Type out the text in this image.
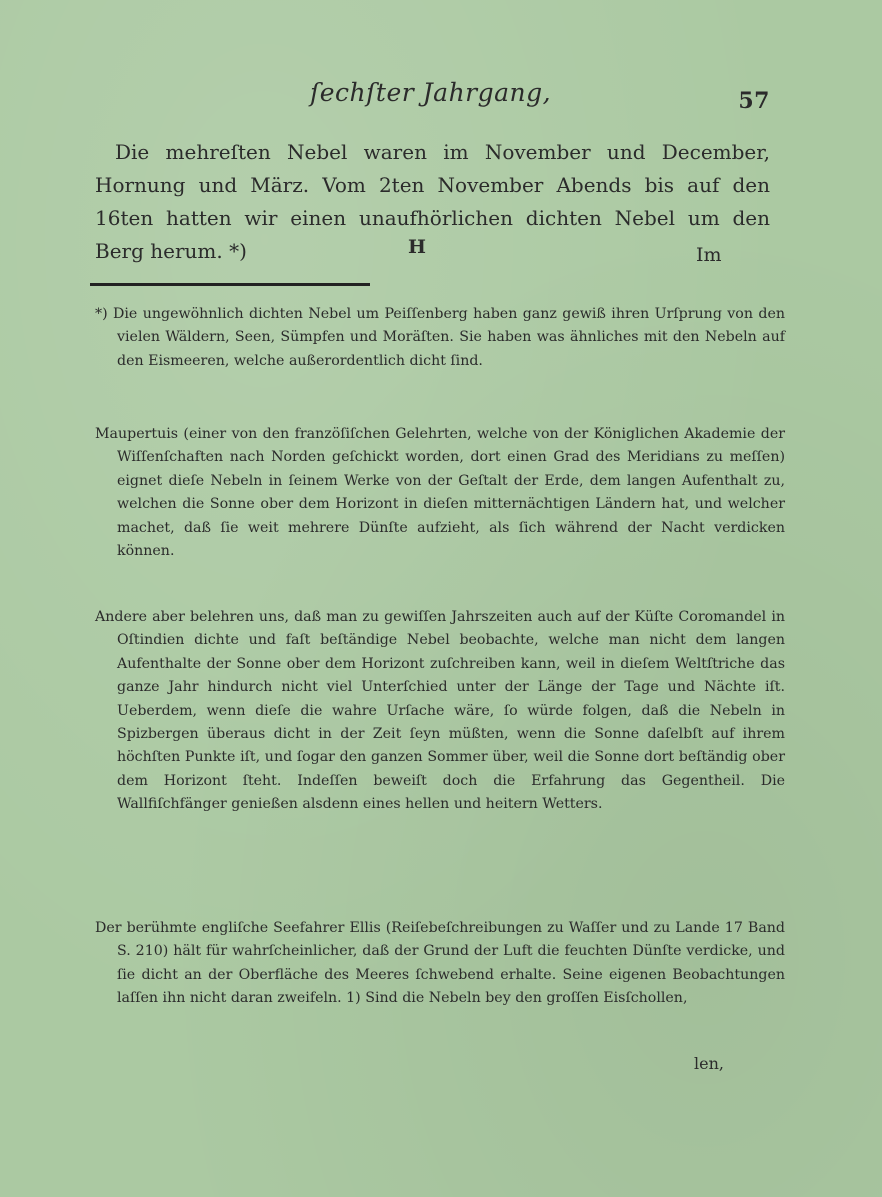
ſechſter Jahrgang,	57

Die mehreſten Nebel waren im November und December, Hornung und März. Vom 2ten November Abends bis auf den 16ten hatten wir einen unaufhörlichen dichten Nebel um den Berg herum. *)	H	Im

*) Die ungewöhnlich dichten Nebel um Peiſſenberg haben ganz gewiß ihren Urſprung von den vielen Wäldern, Seen, Sümpfen und Moräſten. Sie haben was ähnliches mit den Nebeln auf den Eismeeren, welche außerordentlich dicht ſind.

Maupertuis (einer von den franzöſiſchen Gelehrten, welche von der Königlichen Akademie der Wiſſenſchaften nach Norden geſchickt worden, dort einen Grad des Meridians zu meſſen) eignet dieſe Nebeln in ſeinem Werke von der Geſtalt der Erde, dem langen Aufenthalt zu, welchen die Sonne ober dem Horizont in dieſen mitternächtigen Ländern hat, und welcher machet, daß ſie weit mehrere Dünſte aufzieht, als ſich während der Nacht verdicken können.

Andere aber belehren uns, daß man zu gewiſſen Jahrszeiten auch auf der Küſte Coromandel in Oſtindien dichte und faſt beſtändige Nebel beobachte, welche man nicht dem langen Aufenthalte der Sonne ober dem Horizont zuſchreiben kann, weil in dieſem Weltſtriche das ganze Jahr hindurch nicht viel Unterſchied unter der Länge der Tage und Nächte iſt. Ueberdem, wenn dieſe die wahre Urſache wäre, ſo würde folgen, daß die Nebeln in Spizbergen überaus dicht in der Zeit ſeyn müßten, wenn die Sonne daſelbſt auf ihrem höchſten Punkte iſt, und ſogar den ganzen Sommer über, weil die Sonne dort beſtändig ober dem Horizont ſteht. Indeſſen beweiſt doch die Erfahrung das Gegentheil. Die Wallfiſchfänger genießen alsdenn eines hellen und heitern Wetters.

Der berühmte engliſche Seefahrer Ellis (Reiſebeſchreibungen zu Waſſer und zu Lande 17 Band S. 210) hält für wahrſcheinlicher, daß der Grund der Luft die feuchten Dünſte verdicke, und ſie dicht an der Oberfläche des Meeres ſchwebend erhalte. Seine eigenen Beobachtungen laſſen ihn nicht daran zweifeln. 1) Sind die Nebeln bey den groſſen Eisſchollen,

len,
